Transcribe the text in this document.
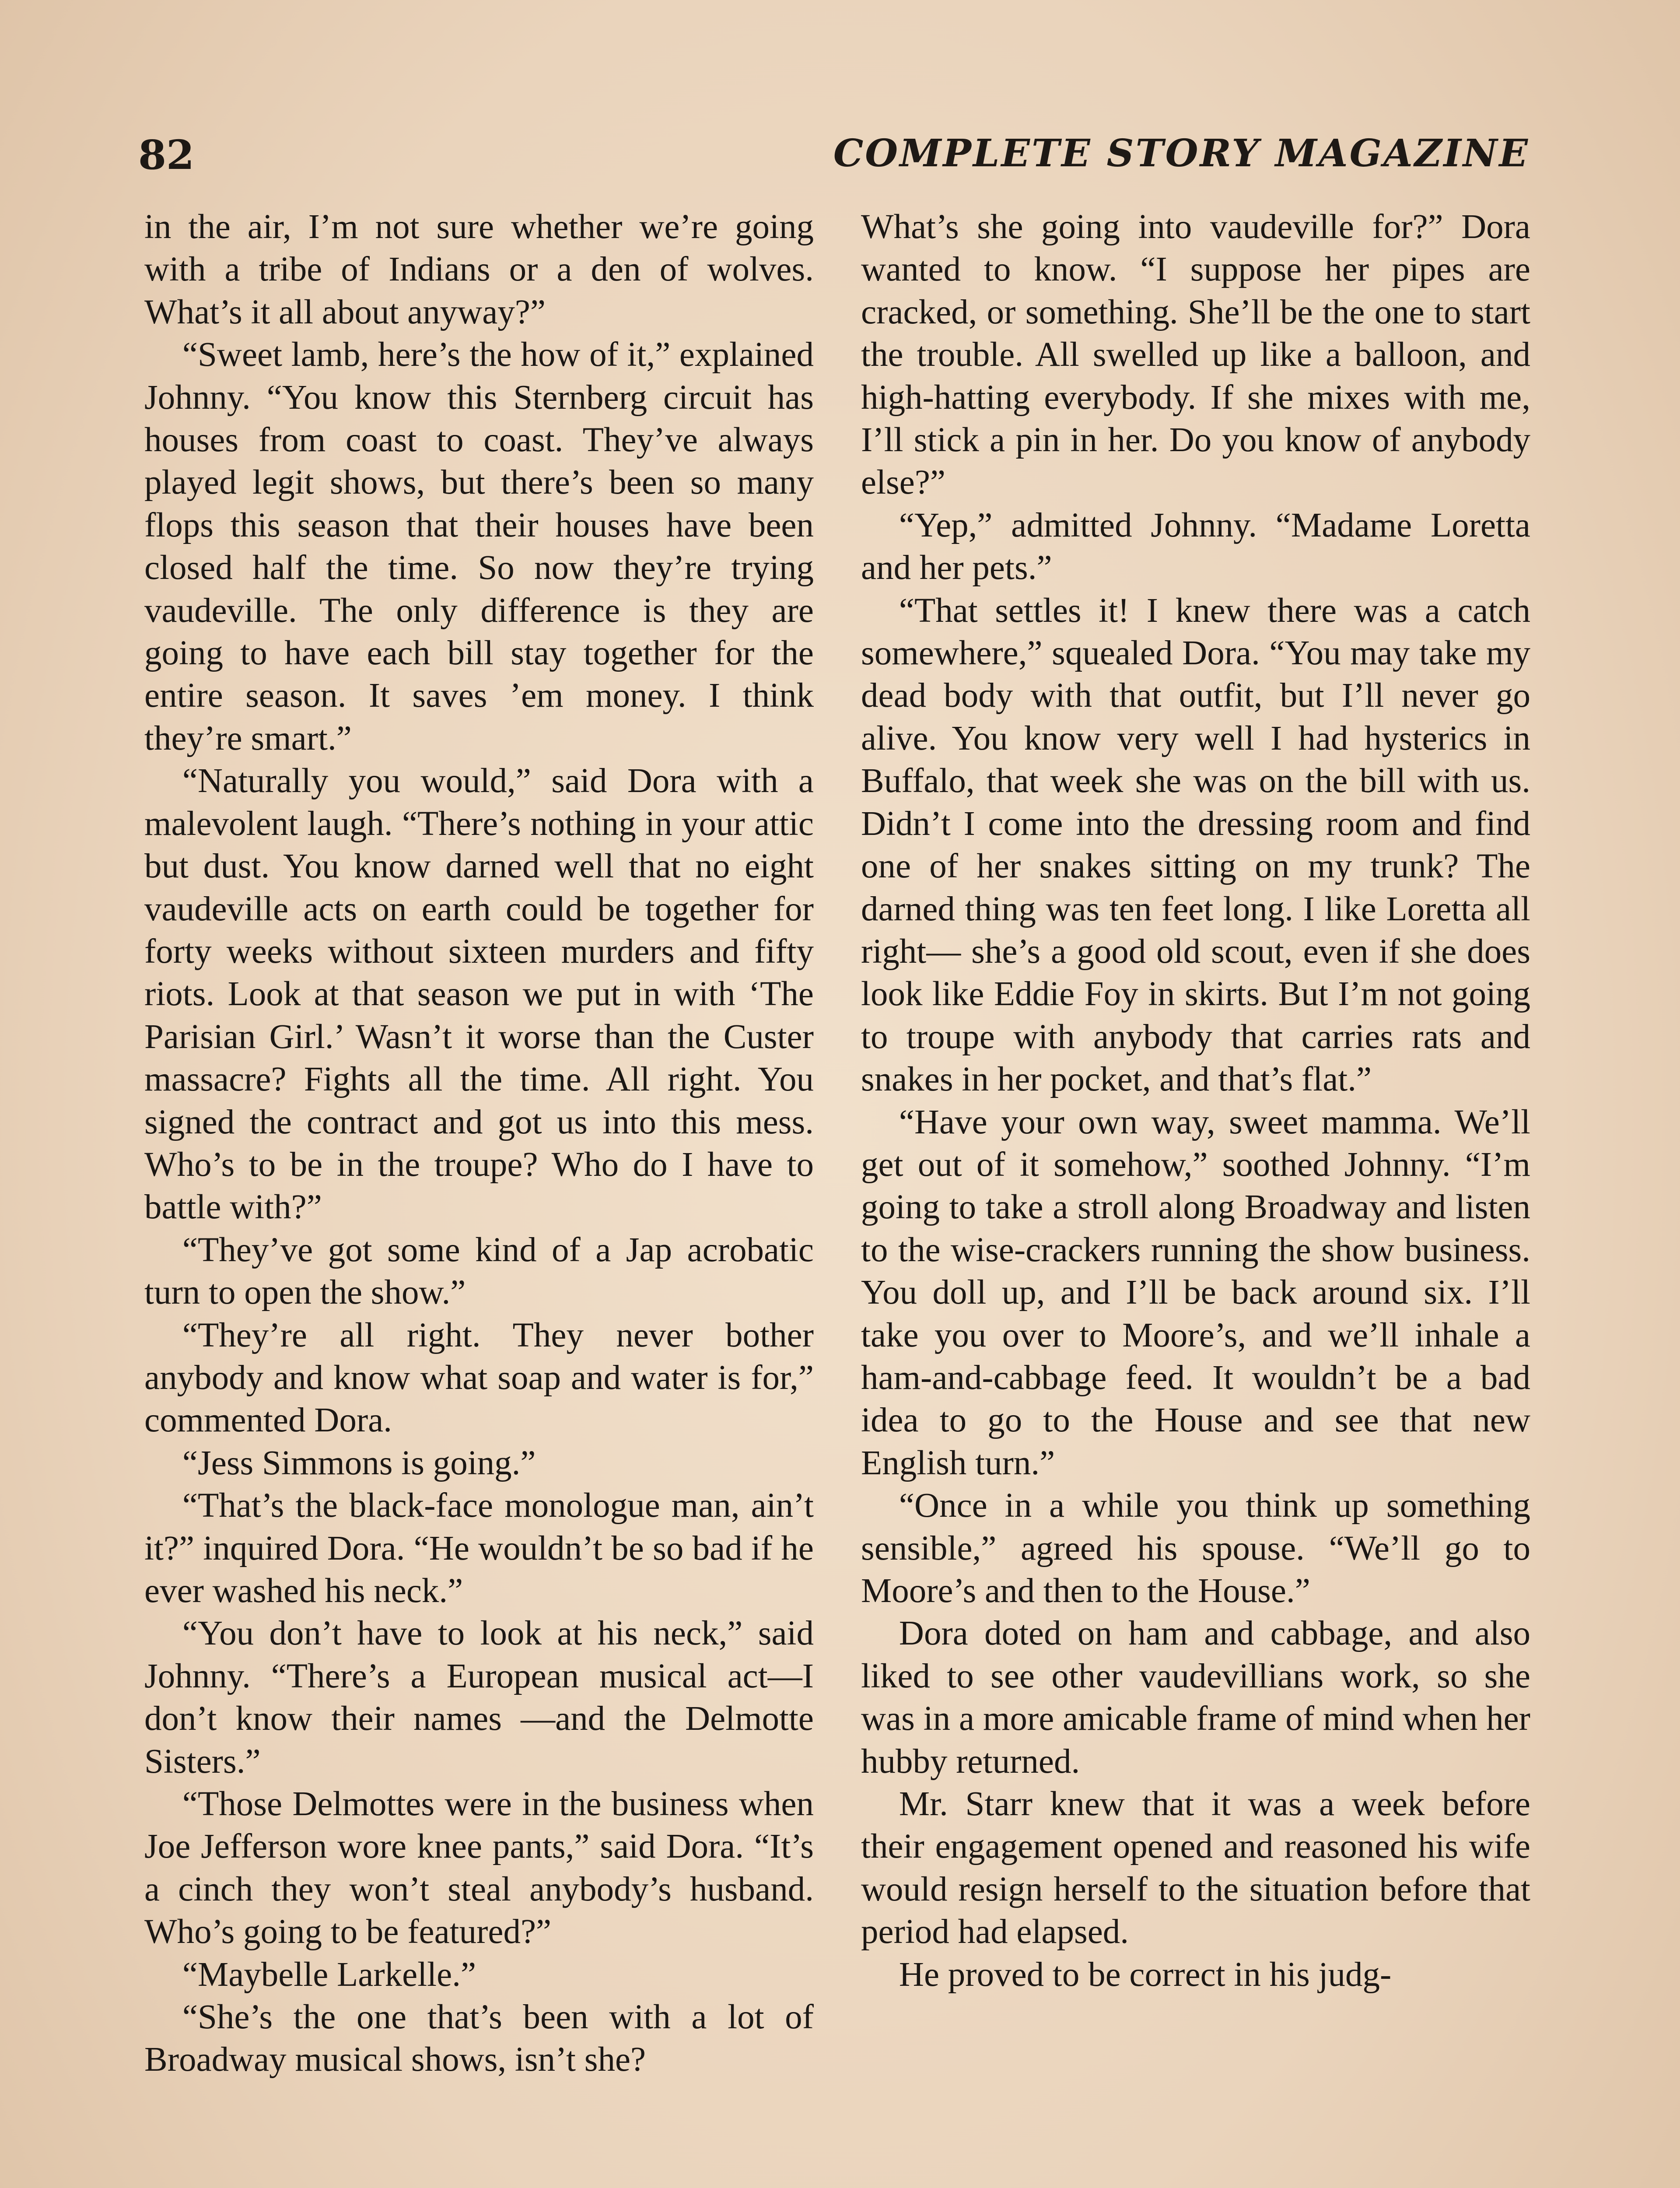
82	COMPLETE STORY MAGAZINE

in the air, I’m not sure whether we’re going with a tribe of Indians or a den of wolves. What’s it all about anyway?”

“Sweet lamb, here’s the how of it,” explained Johnny. “You know this Sternberg circuit has houses from coast to coast. They’ve always played legit shows, but there’s been so many flops this season that their houses have been closed half the time. So now they’re trying vaudeville. The only difference is they are going to have each bill stay together for the entire season. It saves ’em money. I think they’re smart.”

“Naturally you would,” said Dora with a malevolent laugh. “There’s nothing in your attic but dust. You know darned well that no eight vaudeville acts on earth could be together for forty weeks without sixteen murders and fifty riots. Look at that season we put in with ‘The Parisian Girl.’ Wasn’t it worse than the Custer massacre? Fights all the time. All right. You signed the contract and got us into this mess. Who’s to be in the troupe? Who do I have to battle with?”

“They’ve got some kind of a Jap acrobatic turn to open the show.”

“They’re all right. They never bother anybody and know what soap and water is for,” commented Dora.

“Jess Simmons is going.”

“That’s the black-face monologue man, ain’t it?” inquired Dora. “He wouldn’t be so bad if he ever washed his neck.”

“You don’t have to look at his neck,” said Johnny. “There’s a European musical act—I don’t know their names —and the Delmotte Sisters.”

“Those Delmottes were in the business when Joe Jefferson wore knee pants,” said Dora. “It’s a cinch they won’t steal anybody’s husband. Who’s going to be featured?”

“Maybelle Larkelle.”

“She’s the one that’s been with a lot of Broadway musical shows, isn’t she?

What’s she going into vaudeville for?” Dora wanted to know. “I suppose her pipes are cracked, or something. She’ll be the one to start the trouble. All swelled up like a balloon, and high-hatting everybody. If she mixes with me, I’ll stick a pin in her. Do you know of anybody else?”

“Yep,” admitted Johnny. “Madame Loretta and her pets.”

“That settles it! I knew there was a catch somewhere,” squealed Dora. “You may take my dead body with that outfit, but I’ll never go alive. You know very well I had hysterics in Buffalo, that week she was on the bill with us. Didn’t I come into the dressing room and find one of her snakes sitting on my trunk? The darned thing was ten feet long. I like Loretta all right— she’s a good old scout, even if she does look like Eddie Foy in skirts. But I’m not going to troupe with anybody that carries rats and snakes in her pocket, and that’s flat.”

“Have your own way, sweet mamma. We’ll get out of it somehow,” soothed Johnny. “I’m going to take a stroll along Broadway and listen to the wise-crackers running the show business. You doll up, and I’ll be back around six. I’ll take you over to Moore’s, and we’ll inhale a ham-and-cabbage feed. It wouldn’t be a bad idea to go to the House and see that new English turn.”

“Once in a while you think up something sensible,” agreed his spouse. “We’ll go to Moore’s and then to the House.”

Dora doted on ham and cabbage, and also liked to see other vaudevillians work, so she was in a more amicable frame of mind when her hubby returned.

Mr. Starr knew that it was a week before their engagement opened and reasoned his wife would resign herself to the situation before that period had elapsed.

He proved to be correct in his judg-
